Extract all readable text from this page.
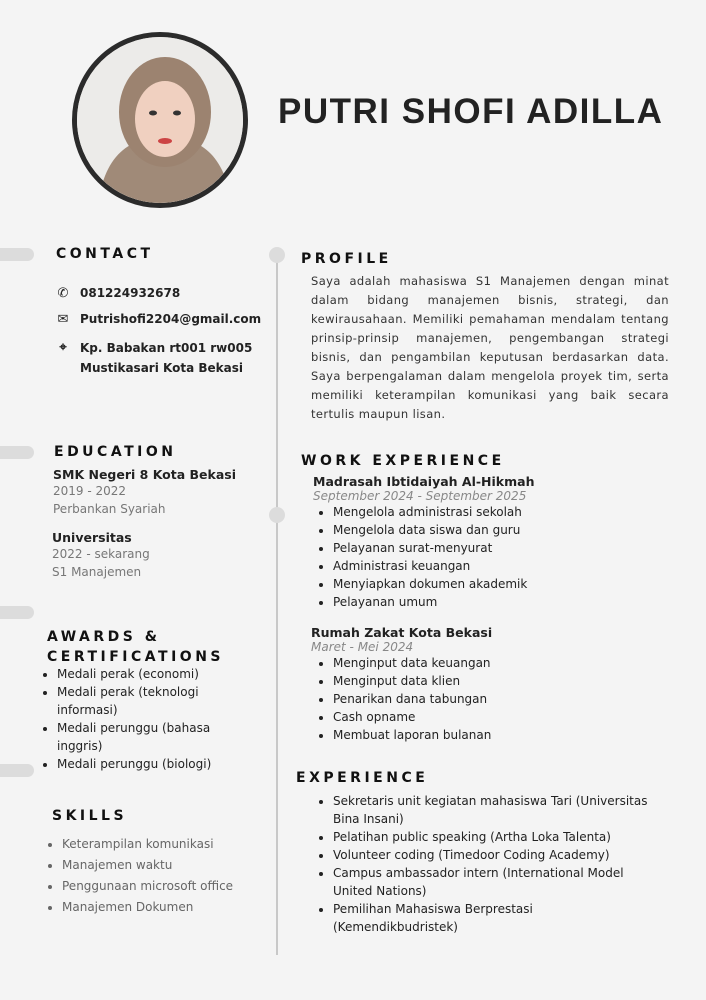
PUTRI SHOFI ADILLA
CONTACT
✆ 081224932678
✉ Putrishofi2204@gmail.com
⌖	Kp. Babakan rt001 rw005
Mustikasari Kota Bekasi
EDUCATION
SMK Negeri 8 Kota Bekasi
2019 - 2022
Perbankan Syariah
Universitas
2022 - sekarang
S1 Manajemen
AWARDS &
CERTIFICATIONS
• Medali perak (economi)
• Medali perak (teknologi informasi)
• Medali perunggu (bahasa inggris)
• Medali perunggu (biologi)
SKILLS
• Keterampilan komunikasi
• Manajemen waktu
• Penggunaan microsoft office
• Manajemen Dokumen
PROFILE
Saya adalah mahasiswa S1 Manajemen dengan minat dalam bidang manajemen bisnis, strategi, dan kewirausahaan. Memiliki pemahaman mendalam tentang prinsip-prinsip manajemen, pengembangan strategi bisnis, dan pengambilan keputusan berdasarkan data. Saya berpengalaman dalam mengelola proyek tim, serta memiliki keterampilan komunikasi yang baik secara tertulis maupun lisan.
WORK EXPERIENCE
Madrasah Ibtidaiyah Al-Hikmah
September 2024 - September 2025
• Mengelola administrasi sekolah
• Mengelola data siswa dan guru
• Pelayanan surat-menyurat
• Administrasi keuangan
• Menyiapkan dokumen akademik
• Pelayanan umum
Rumah Zakat Kota Bekasi
Maret - Mei 2024
• Menginput data keuangan
• Menginput data klien
• Penarikan dana tabungan
• Cash opname
• Membuat laporan bulanan
EXPERIENCE
• Sekretaris unit kegiatan mahasiswa Tari (Universitas Bina Insani)
• Pelatihan public speaking (Artha Loka Talenta)
• Volunteer coding (Timedoor Coding Academy)
• Campus ambassador intern (International Model United Nations)
• Pemilihan Mahasiswa Berprestasi (Kemendikbudristek)
